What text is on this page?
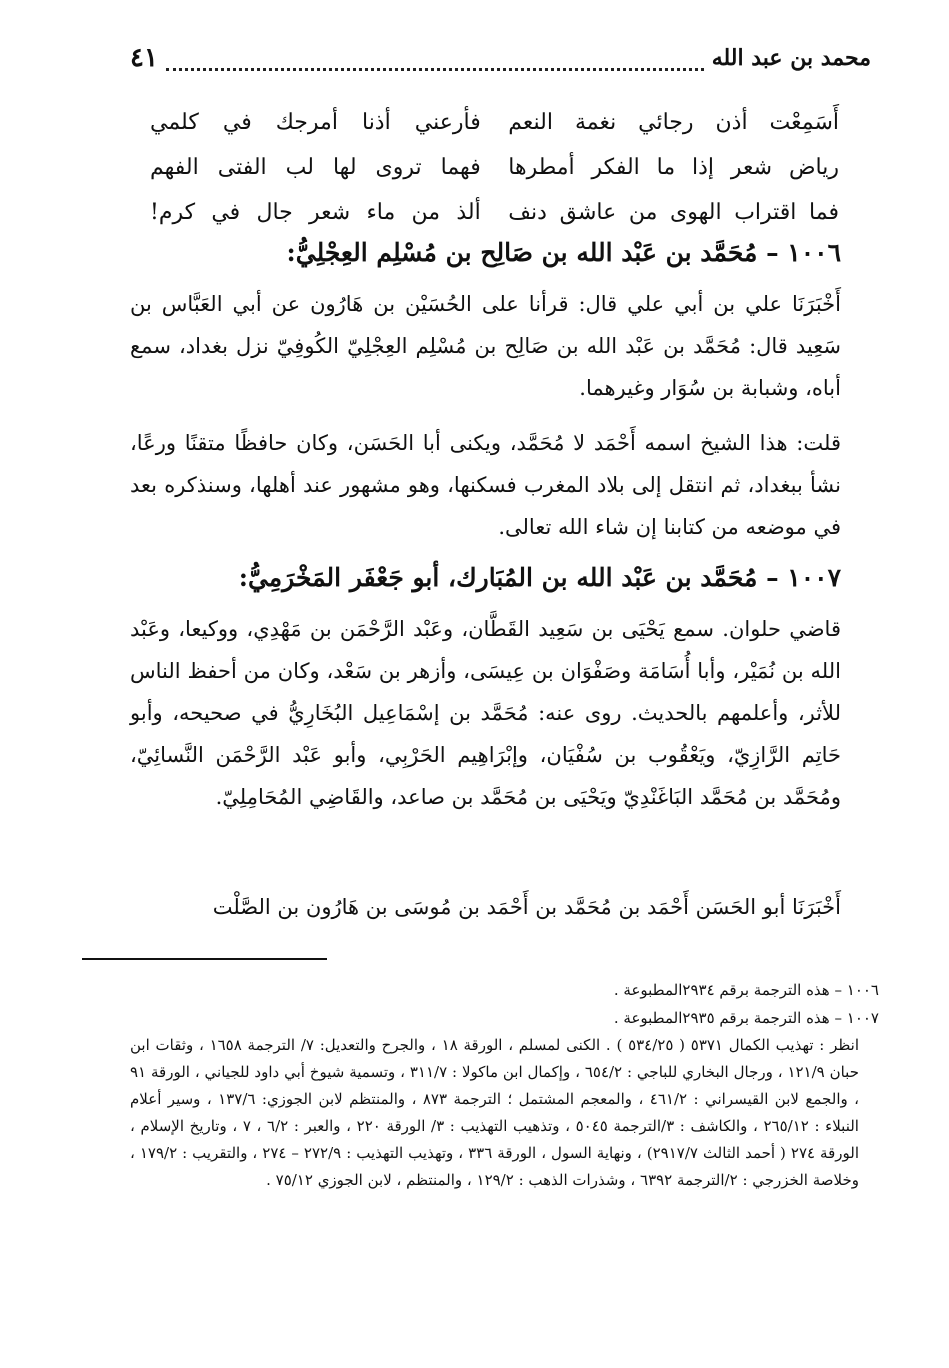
محمد بن عبد الله
٤١
أَسَمِعْت أذن رجائي نغمة النعم
فأرعني أذنا أمرجك في كلمي
رياض شعر إذا ما الفكر أمطرها
فهما تروى لها لب الفتى الفهم
فما اقتراب الهوى من عاشق دنف
ألذ من ماء شعر جال في كرم!
١٠٠٦ – مُحَمَّد بن عَبْد الله بن صَالِح بن مُسْلِم العِجْلِيُّ:
أَخْبَرَنَا علي بن أبي علي قال: قرأنا على الحُسَيْن بن هَارُون عن أبي العَبَّاس بن سَعِيد قال: مُحَمَّد بن عَبْد الله بن صَالِح بن مُسْلِم العِجْلِيّ الكُوفِيّ نزل بغداد، سمع أباه، وشبابة بن سُوَار وغيرهما.
قلت: هذا الشيخ اسمه أَحْمَد لا مُحَمَّد، ويكنى أبا الحَسَن، وكان حافظًا متقنًا ورعًا، نشأ ببغداد، ثم انتقل إلى بلاد المغرب فسكنها، وهو مشهور عند أهلها، وسنذكره بعد في موضعه من كتابنا إن شاء الله تعالى.
١٠٠٧ – مُحَمَّد بن عَبْد الله بن المُبَارك، أبو جَعْفَر المَخْرَمِيُّ:
قاضي حلوان. سمع يَحْيَى بن سَعِيد القَطَّان، وعَبْد الرَّحْمَن بن مَهْدِي، ووكيعا، وعَبْد الله بن نُمَيْر، وأبا أُسَامَة وصَفْوَان بن عِيسَى، وأزهر بن سَعْد، وكان من أحفظ الناس للأثر، وأعلمهم بالحديث. روى عنه: مُحَمَّد بن إسْمَاعِيل البُخَارِيُّ في صحيحه، وأبو حَاتِم الرَّازِيّ، ويَعْقُوب بن سُفْيَان، وإبْرَاهِيم الحَرْبِي، وأبو عَبْد الرَّحْمَن النَّسائِيّ، ومُحَمَّد بن مُحَمَّد البَاغَنْدِيّ ويَحْيَى بن مُحَمَّد بن صاعد، والقَاضِي المُحَامِلِيّ.
أَخْبَرَنَا أبو الحَسَن أَحْمَد بن مُحَمَّد بن أَحْمَد بن مُوسَى بن هَارُون بن الصَّلْت
١٠٠٦ – هذه الترجمة برقم ٢٩٣٤المطبوعة .
١٠٠٧ – هذه الترجمة برقم ٢٩٣٥المطبوعة .
انظر : تهذيب الكمال ٥٣٧١ ( ٥٣٤/٢٥ ) . الكنى لمسلم ، الورقة ١٨ ، والجرح والتعديل: ٧/ الترجمة ١٦٥٨ ، وثقات ابن حبان ١٢١/٩ ، ورجال البخاري للباجي : ٦٥٤/٢ ، وإكمال ابن ماكولا : ٣١١/٧ ، وتسمية شيوخ أبي داود للجياني ، الورقة ٩١ ، والجمع لابن القيسراني : ٤٦١/٢ ، والمعجم المشتمل ؛ الترجمة ٨٧٣ ، والمنتظم لابن الجوزي: ١٣٧/٦ ، وسير أعلام النبلاء : ٢٦٥/١٢ ، والكاشف : ٣/الترجمة ٥٠٤٥ ، وتذهيب التهذيب : ٣/ الورقة ٢٢٠ ، والعبر : ٦/٢ ، ٧ ، وتاريخ الإسلام ، الورقة ٢٧٤ ( أحمد الثالث ٢٩١٧/٧) ، ونهاية السول ، الورقة ٣٣٦ ، وتهذيب التهذيب : ٢٧٢/٩ – ٢٧٤ ، والتقريب : ١٧٩/٢ ، وخلاصة الخزرجي : ٢/الترجمة ٦٣٩٢ ، وشذرات الذهب : ١٢٩/٢ ، والمنتظم ، لابن الجوزي ٧٥/١٢ .
